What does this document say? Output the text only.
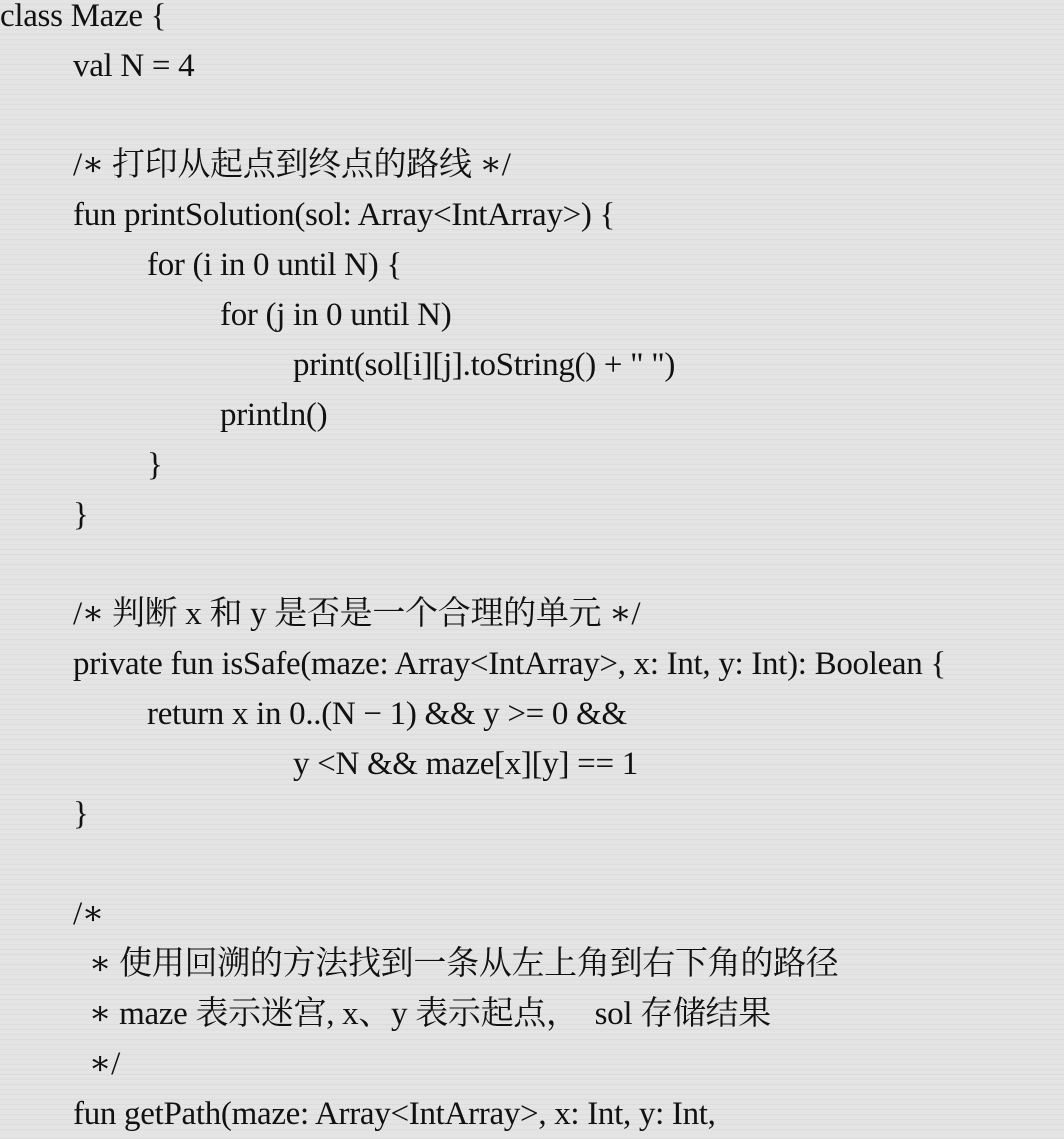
class Maze {
val N = 4
/∗ 打印从起点到终点的路线 ∗/
fun printSolution(sol: Array<IntArray>) {
for (i in 0 until N) {
for (j in 0 until N)
print(sol[i][j].toString() + " ")
println()
}
}
/∗ 判断 x 和 y 是否是一个合理的单元 ∗/
private fun isSafe(maze: Array<IntArray>, x: Int, y: Int): Boolean {
return x in 0..(N − 1) && y >= 0 &&
y <N && maze[x][y] == 1
}
/∗
∗ 使用回溯的方法找到一条从左上角到右下角的路径
∗ maze 表示迷宫, x、y 表示起点，  sol 存储结果
∗/
fun getPath(maze: Array<IntArray>, x: Int, y: Int,
